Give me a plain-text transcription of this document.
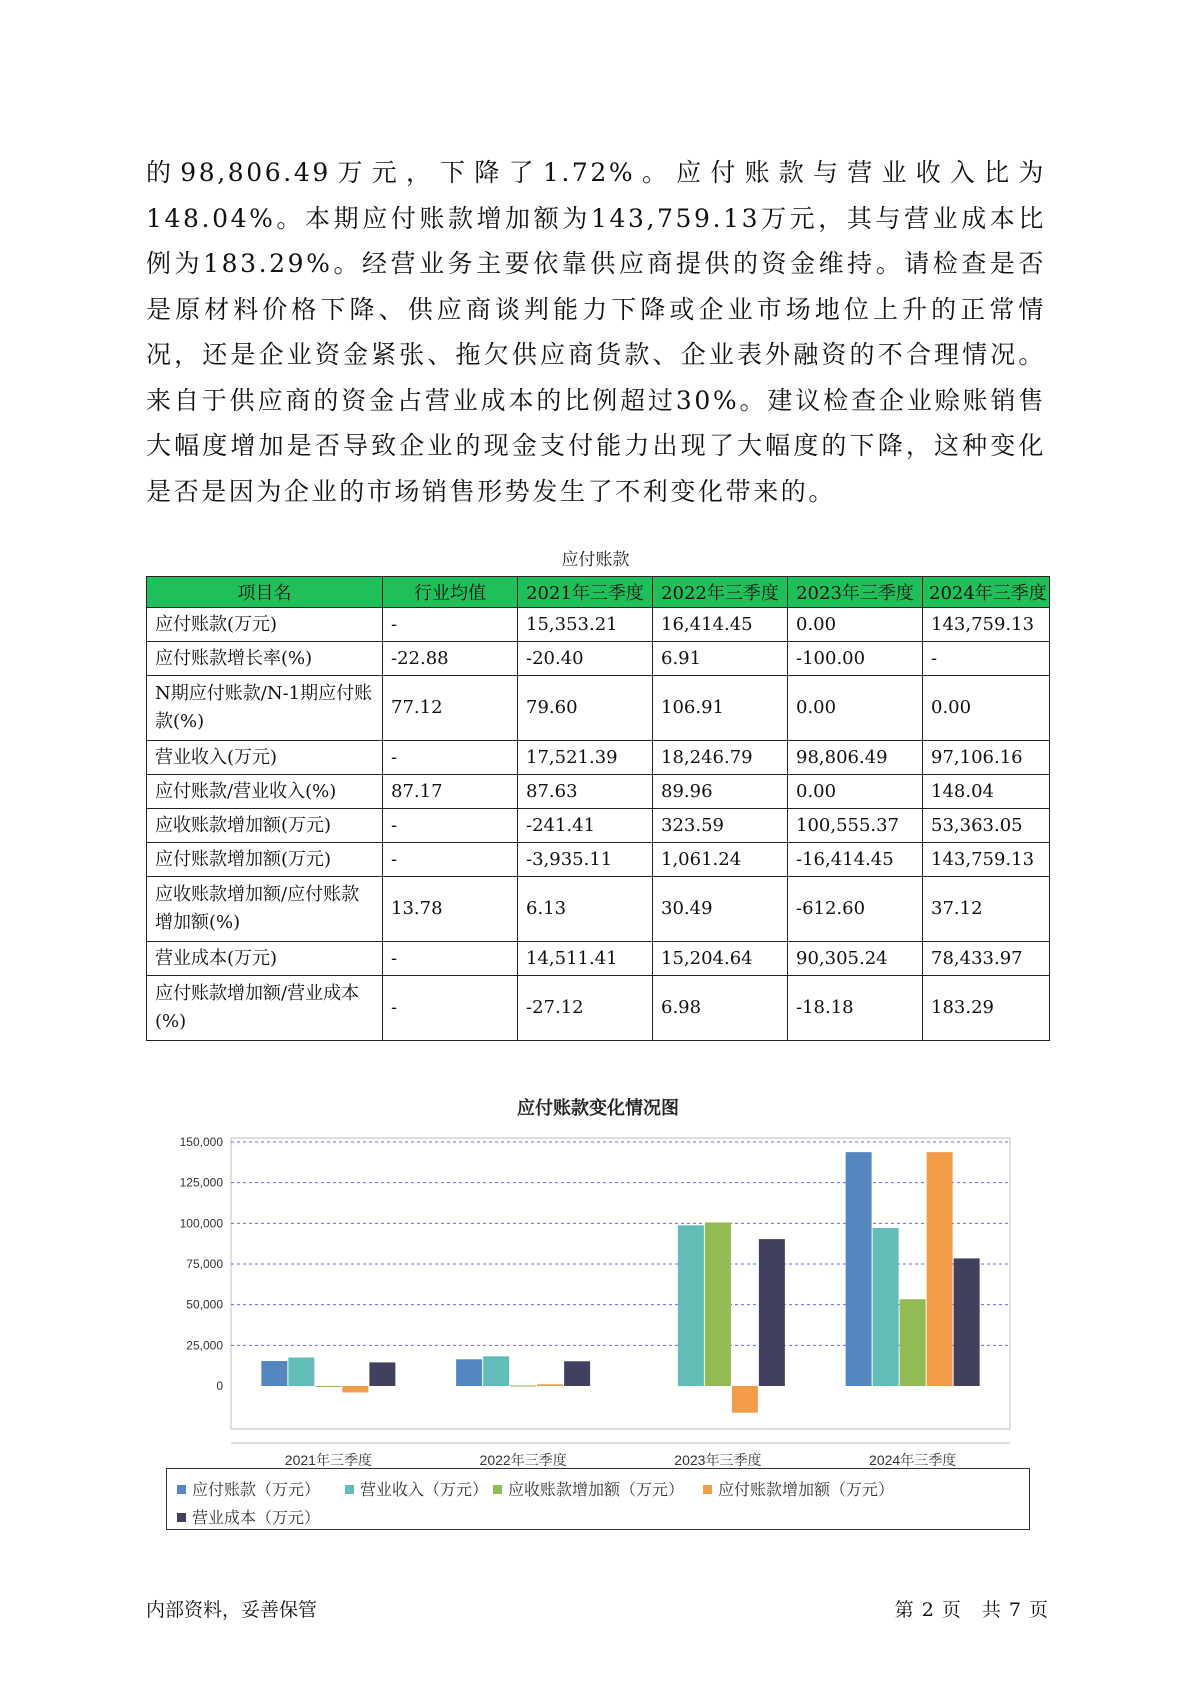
的98,806.49万元，下降了1.72%。应付账款与营业收入比为148.04%。本期应付账款增加额为143,759.13万元，其与营业成本比例为183.29%。经营业务主要依靠供应商提供的资金维持。请检查是否是原材料价格下降、供应商谈判能力下降或企业市场地位上升的正常情况，还是企业资金紧张、拖欠供应商货款、企业表外融资的不合理情况。来自于供应商的资金占营业成本的比例超过30%。建议检查企业赊账销售大幅度增加是否导致企业的现金支付能力出现了大幅度的下降，这种变化是否是因为企业的市场销售形势发生了不利变化带来的。

应付账款
项目名	行业均值	2021年三季度	2022年三季度	2023年三季度	2024年三季度
应付账款(万元)	-	15,353.21	16,414.45	0.00	143,759.13
应付账款增长率(%)	-22.88	-20.40	6.91	-100.00	-
N期应付账款/N-1期应付账款(%)	77.12	79.60	106.91	0.00	0.00
营业收入(万元)	-	17,521.39	18,246.79	98,806.49	97,106.16
应付账款/营业收入(%)	87.17	87.63	89.96	0.00	148.04
应收账款增加额(万元)	-	-241.41	323.59	100,555.37	53,363.05
应付账款增加额(万元)	-	-3,935.11	1,061.24	-16,414.45	143,759.13
应收账款增加额/应付账款增加额(%)	13.78	6.13	30.49	-612.60	37.12
营业成本(万元)	-	14,511.41	15,204.64	90,305.24	78,433.97
应付账款增加额/营业成本(%)	-	-27.12	6.98	-18.18	183.29
应付账款变化情况图
0
25,000
50,000
75,000
100,000
125,000
150,000
2021年三季度	2022年三季度	2023年三季度	2024年三季度
应付账款（万元）	营业收入（万元）	应收账款增加额（万元）	应付账款增加额（万元）
营业成本（万元）
内部资料，妥善保管	第 2 页　共 7 页
